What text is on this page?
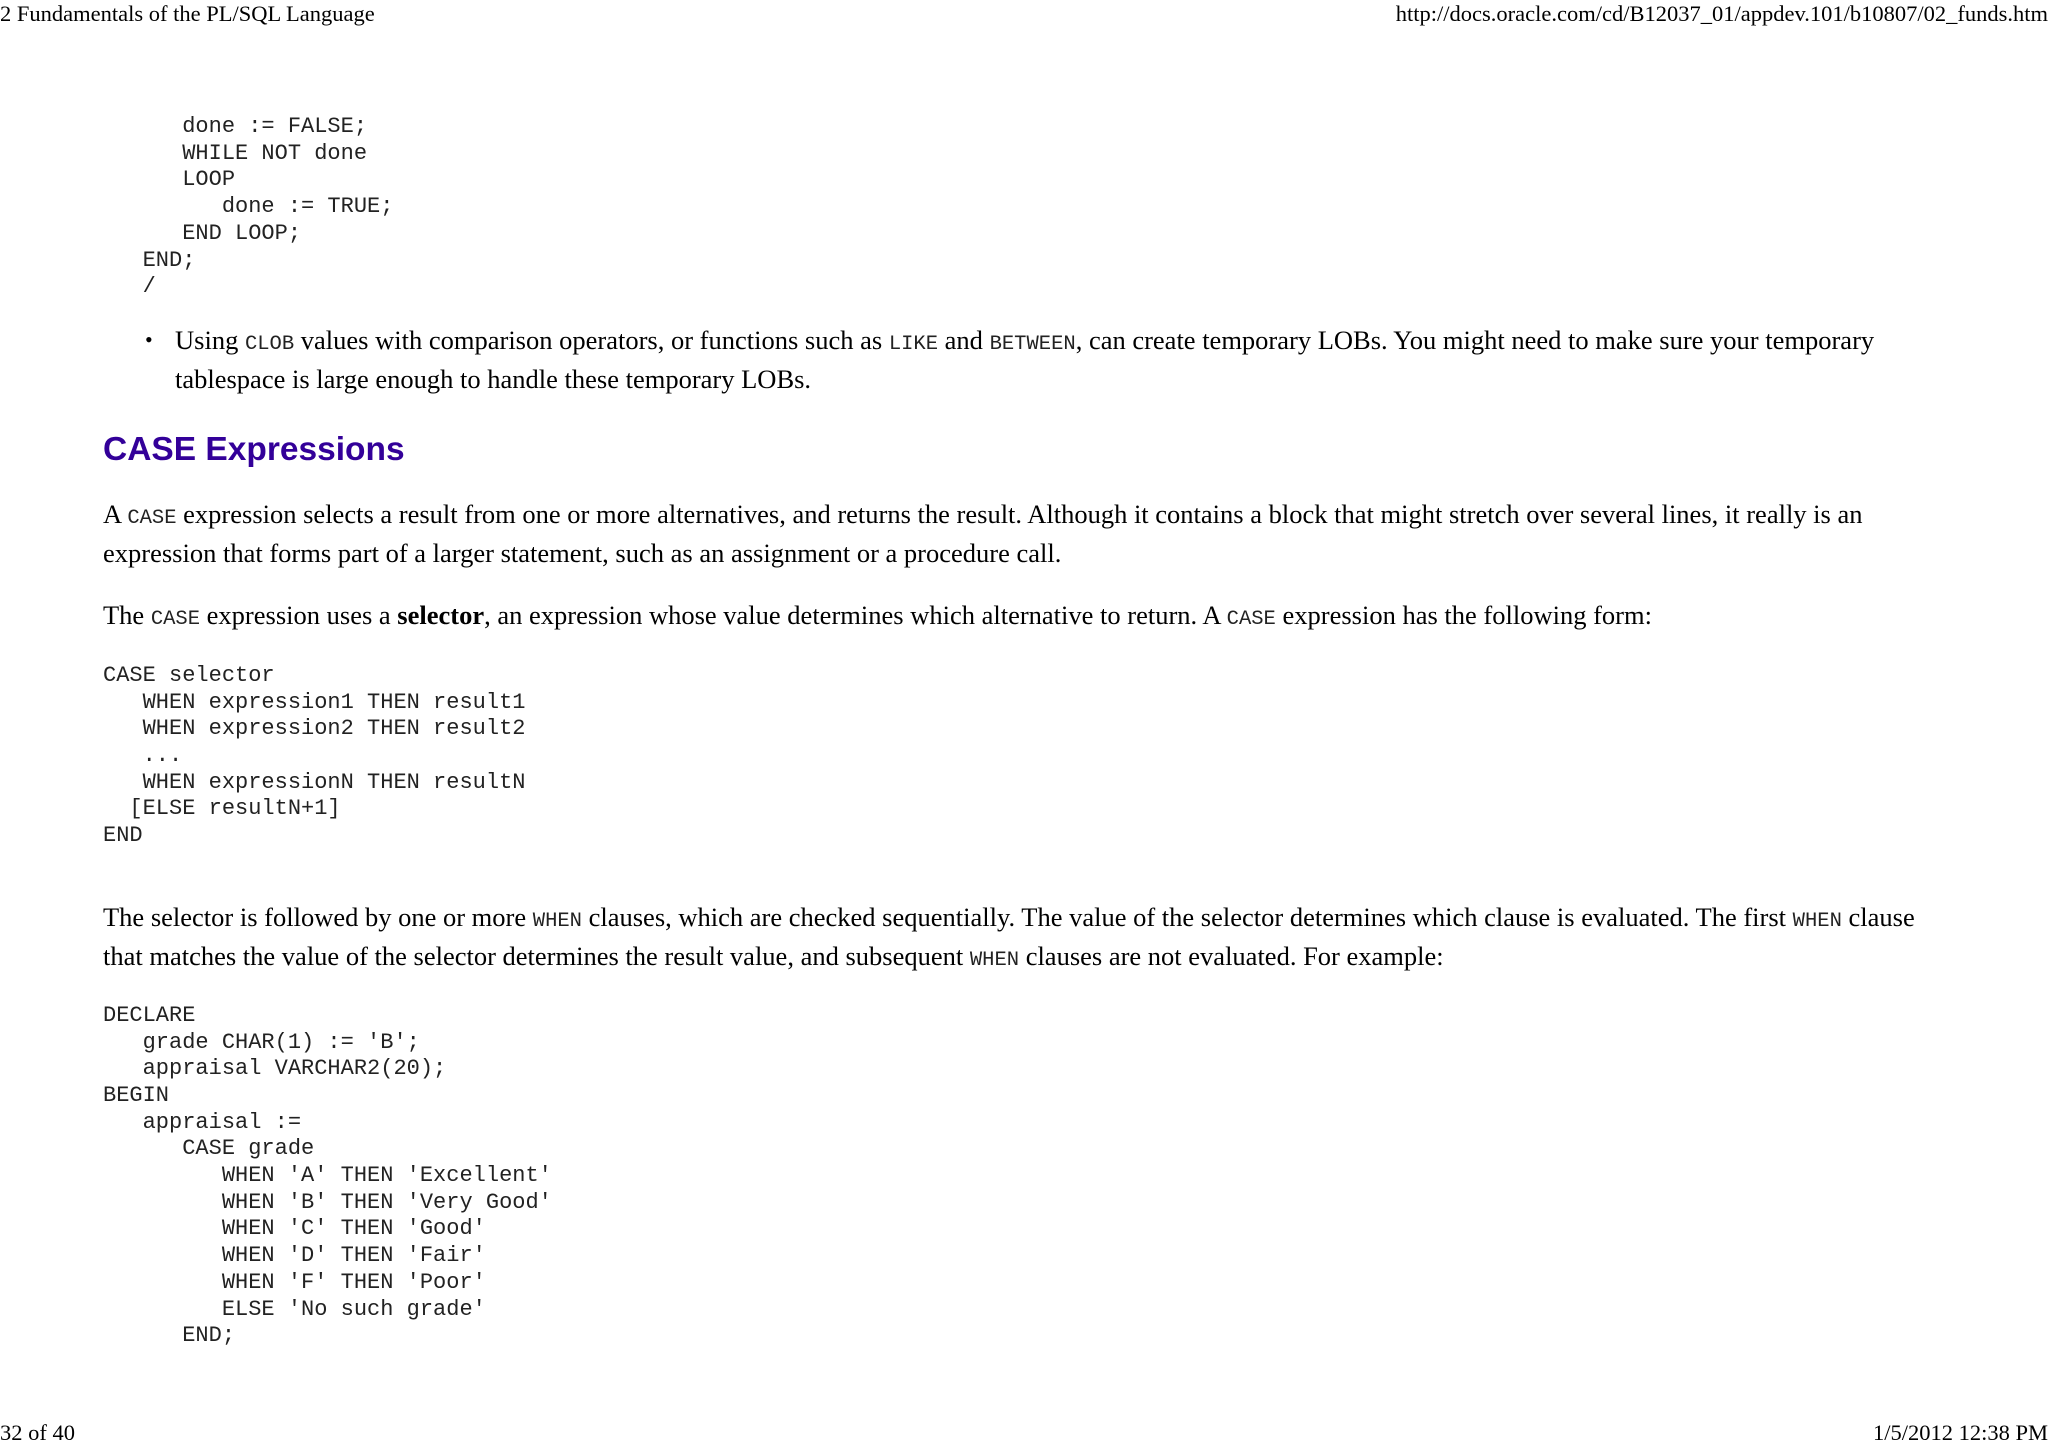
2 Fundamentals of the PL/SQL Language	http://docs.oracle.com/cd/B12037_01/appdev.101/b10807/02_funds.htm
done := FALSE;
WHILE NOT done
LOOP
done := TRUE;
END LOOP;
END;
/
• Using CLOB values with comparison operators, or functions such as LIKE and BETWEEN, can create temporary LOBs. You might need to make sure your temporary tablespace is large enough to handle these temporary LOBs.
CASE Expressions

A CASE expression selects a result from one or more alternatives, and returns the result. Although it contains a block that might stretch over several lines, it really is an expression that forms part of a larger statement, such as an assignment or a procedure call.

The CASE expression uses a selector, an expression whose value determines which alternative to return. A CASE expression has the following form:

CASE selector
WHEN expression1 THEN result1
WHEN expression2 THEN result2
...
WHEN expressionN THEN resultN
[ELSE resultN+1]
END

The selector is followed by one or more WHEN clauses, which are checked sequentially. The value of the selector determines which clause is evaluated. The first WHEN clause that matches the value of the selector determines the result value, and subsequent WHEN clauses are not evaluated. For example:

DECLARE
grade CHAR(1) := 'B';
appraisal VARCHAR2(20);
BEGIN
appraisal :=
CASE grade
WHEN 'A' THEN 'Excellent'
WHEN 'B' THEN 'Very Good'
WHEN 'C' THEN 'Good'
WHEN 'D' THEN 'Fair'
WHEN 'F' THEN 'Poor'
ELSE 'No such grade'
END;
32 of 40	1/5/2012 12:38 PM
